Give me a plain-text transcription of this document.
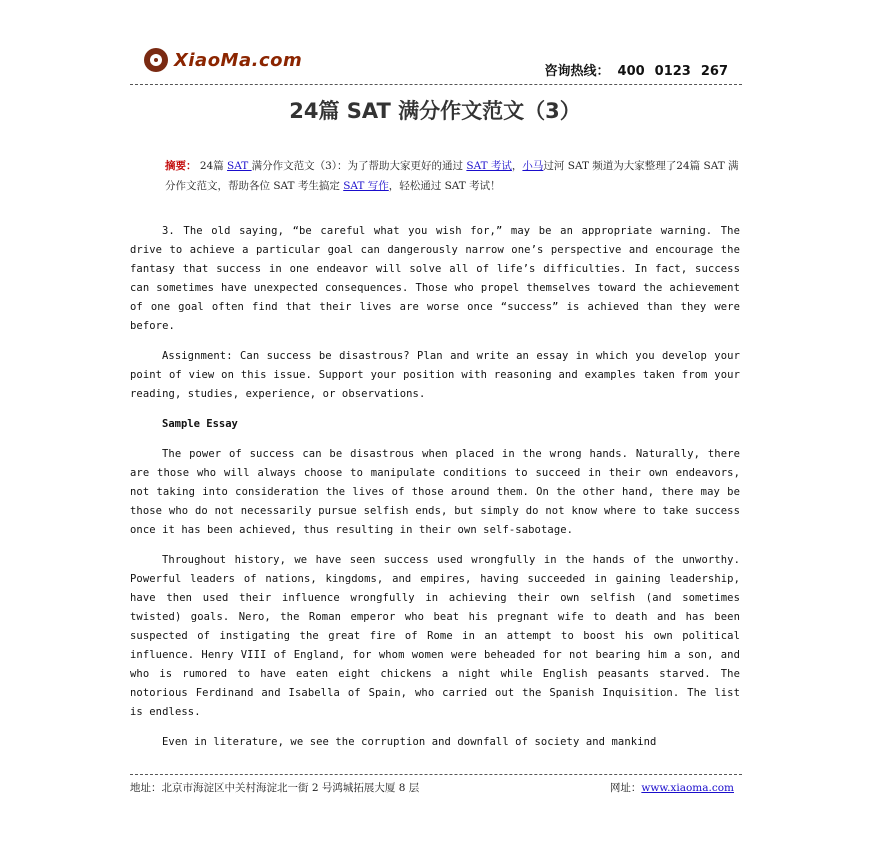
XiaoMa.com
咨询热线： 400 0123 267
24篇 SAT 满分作文范文（3）
摘要： 24篇 SAT 满分作文范文（3）：为了帮助大家更好的通过 SAT 考试，小马过河 SAT 频道为大家整理了24篇 SAT 满分作文范文，帮助各位 SAT 考生搞定 SAT 写作，轻松通过 SAT 考试！

3. The old saying, “be careful what you wish for,” may be an appropriate warning. The drive to achieve a particular goal can dangerously narrow one’s perspective and encourage the fantasy that success in one endeavor will solve all of life’s difficulties. In fact, success can sometimes have unexpected consequences. Those who propel themselves toward the achievement of one goal often find that their lives are worse once “success” is achieved than they were before.

Assignment: Can success be disastrous? Plan and write an essay in which you develop your point of view on this issue. Support your position with reasoning and examples taken from your reading, studies, experience, or observations.

Sample Essay

The power of success can be disastrous when placed in the wrong hands. Naturally, there are those who will always choose to manipulate conditions to succeed in their own endeavors, not taking into consideration the lives of those around them. On the other hand, there may be those who do not necessarily pursue selfish ends, but simply do not know where to take success once it has been achieved, thus resulting in their own self-sabotage.

Throughout history, we have seen success used wrongfully in the hands of the unworthy. Powerful leaders of nations, kingdoms, and empires, having succeeded in gaining leadership, have then used their influence wrongfully in achieving their own selfish (and sometimes twisted) goals. Nero, the Roman emperor who beat his pregnant wife to death and has been suspected of instigating the great fire of Rome in an attempt to boost his own political influence. Henry VIII of England, for whom women were beheaded for not bearing him a son, and who is rumored to have eaten eight chickens a night while English peasants starved. The notorious Ferdinand and Isabella of Spain, who carried out the Spanish Inquisition. The list is endless.

Even in literature, we see the corruption and downfall of society and mankind

地址：北京市海淀区中关村海淀北一街 2 号鸿城拓展大厦 8 层	网址：www.xiaoma.com
